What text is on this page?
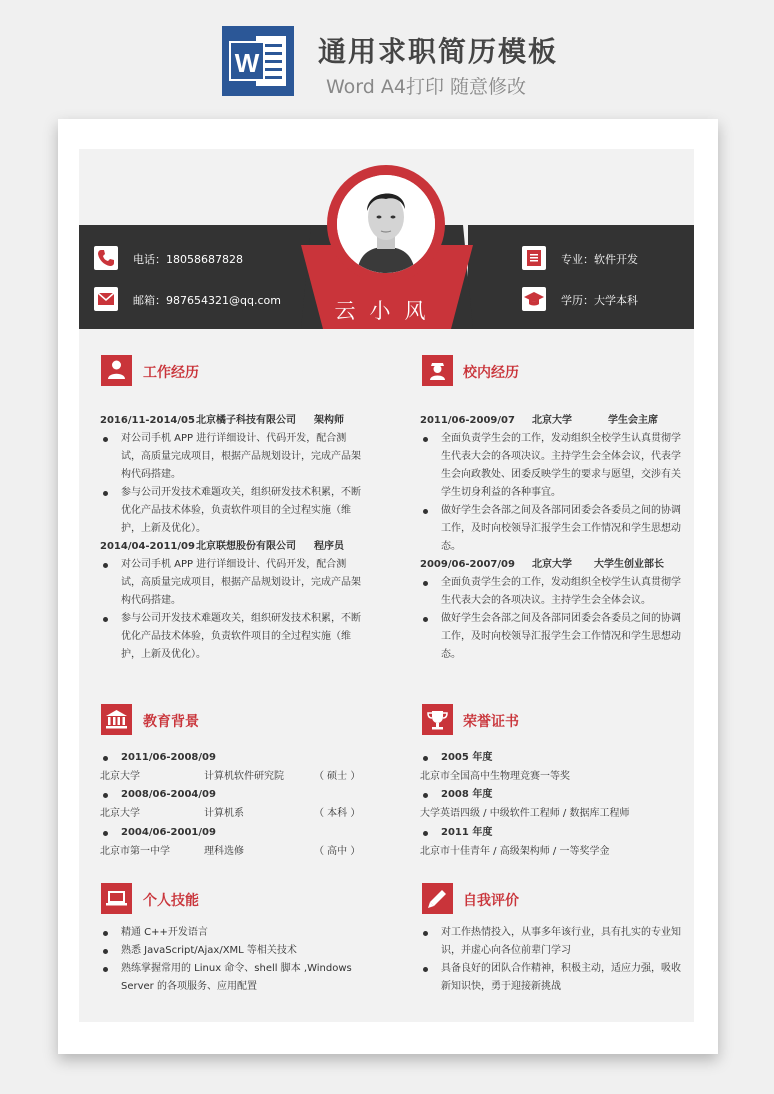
W 通用求职简历模板
Word A4打印 随意修改
云小风
电话：18058687828
邮箱：987654321@qq.com
专业：软件开发
学历：大学本科
工作经历
2016/11-2014/05北京橘子科技有限公司 架构师
对公司手机 APP 进行详细设计、代码开发，配合测试，高质量完成项目，根据产品规划设计，完成产品架构代码搭建。
参与公司开发技术难题攻关，组织研发技术积累，不断优化产品技术体验，负责软件项目的全过程实施（维护，上新及优化）。
2014/04-2011/09北京联想股份有限公司 程序员
对公司手机 APP 进行详细设计、代码开发，配合测试，高质量完成项目，根据产品规划设计，完成产品架构代码搭建。
参与公司开发技术难题攻关，组织研发技术积累，不断优化产品技术体验，负责软件项目的全过程实施（维护，上新及优化）。
校内经历
2011/06-2009/07 北京大学	学生会主席
全面负责学生会的工作，发动组织全校学生认真贯彻学生代表大会的各项决议。主持学生会全体会议，代表学生会向政教处、团委反映学生的要求与愿望，交涉有关学生切身利益的各种事宜。
做好学生会各部之间及各部同团委会各委员之间的协调工作，及时向校领导汇报学生会工作情况和学生思想动态。
2009/06-2007/09 北京大学 大学生创业部长
全面负责学生会的工作，发动组织全校学生认真贯彻学生代表大会的各项决议。主持学生会全体会议。
做好学生会各部之间及各部同团委会各委员之间的协调工作，及时向校领导汇报学生会工作情况和学生思想动态。
教育背景
2011/06-2008/09
北京大学	计算机软件研究院	（ 硕士 ）
2008/06-2004/09
北京大学	计算机系	（ 本科 ）
2004/06-2001/09
北京市第一中学	理科选修	（ 高中 ）
荣誉证书
2005 年度
北京市全国高中生物理竞赛一等奖
2008 年度
大学英语四级 / 中级软件工程师 / 数据库工程师
2011 年度
北京市十佳青年 / 高级架构师 / 一等奖学金
个人技能
精通 C++开发语言
熟悉 JavaScript/Ajax/XML 等相关技术
熟练掌握常用的 Linux 命令、shell 脚本 ,Windows Server 的各项服务、应用配置
自我评价
对工作热情投入，从事多年该行业，具有扎实的专业知识，并虚心向各位前辈门学习
具备良好的团队合作精神，积极主动，适应力强，吸收新知识快，勇于迎接新挑战
